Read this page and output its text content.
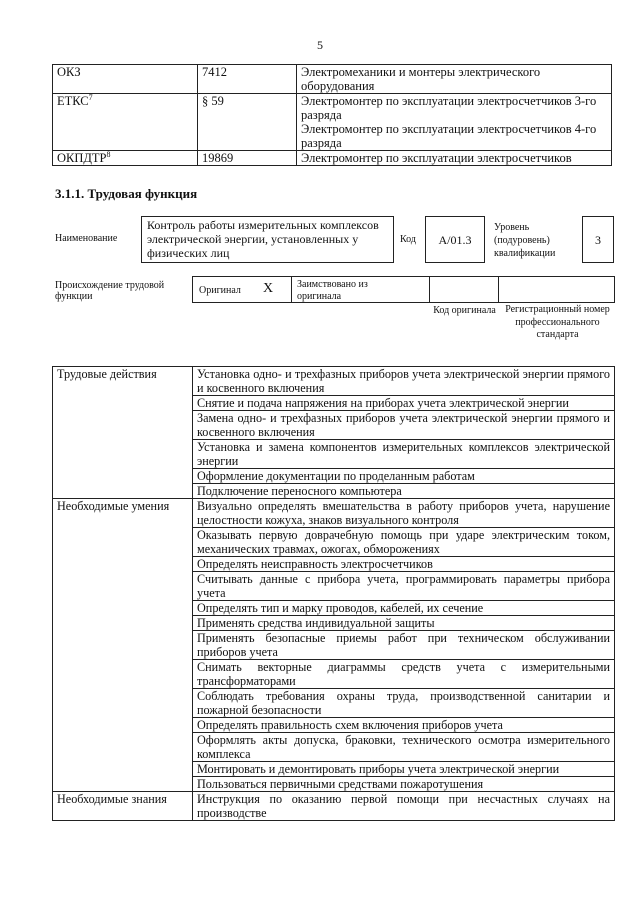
5
ОКЗ	7412	Электромеханики и монтеры электрического оборудования
ЕТКС$^7$	§ 59	Электромонтер по эксплуатации электросчетчиков 3-го разряда
Электромонтер по эксплуатации электросчетчиков 4-го разряда

ОКПДТР$^8$	19869	Электромонтер по эксплуатации электросчетчиков
3.1.1. Трудовая функция
Наименование
Контроль работы измерительных комплексов электрической энергии, установленных у физических лиц
Код	А/01.3
Уровень (подуровень) квалификации
3
Происхождение трудовой функции
Оригинал X Заимствовано из оригинала
Код оригинала Регистрационный номер профессионального стандарта
Трудовые действия	Установка одно- и трехфазных приборов учета электрической энергии прямого и косвенного включения
	Снятие и подача напряжения на приборах учета электрической энергии
	Замена одно- и трехфазных приборов учета электрической энергии прямого и косвенного включения
	Установка и замена компонентов измерительных комплексов электрической энергии
	Оформление документации по проделанным работам
	Подключение переносного компьютера
Необходимые умения	Визуально определять вмешательства в работу приборов учета, нарушение целостности кожуха, знаков визуального контроля
	Оказывать первую доврачебную помощь при ударе электрическим током, механических травмах, ожогах, обморожениях
	Определять неисправность электросчетчиков
	Считывать данные с прибора учета, программировать параметры прибора учета
	Определять тип и марку проводов, кабелей, их сечение
	Применять средства индивидуальной защиты
	Применять безопасные приемы работ при техническом обслуживании приборов учета
	Снимать векторные диаграммы средств учета с измерительными трансформаторами
	Соблюдать требования охраны труда, производственной санитарии и пожарной безопасности
	Определять правильность схем включения приборов учета
	Оформлять акты допуска, браковки, технического осмотра измерительного комплекса
	Монтировать и демонтировать приборы учета электрической энергии
	Пользоваться первичными средствами пожаротушения
Необходимые знания	Инструкция по оказанию первой помощи при несчастных случаях на производстве
